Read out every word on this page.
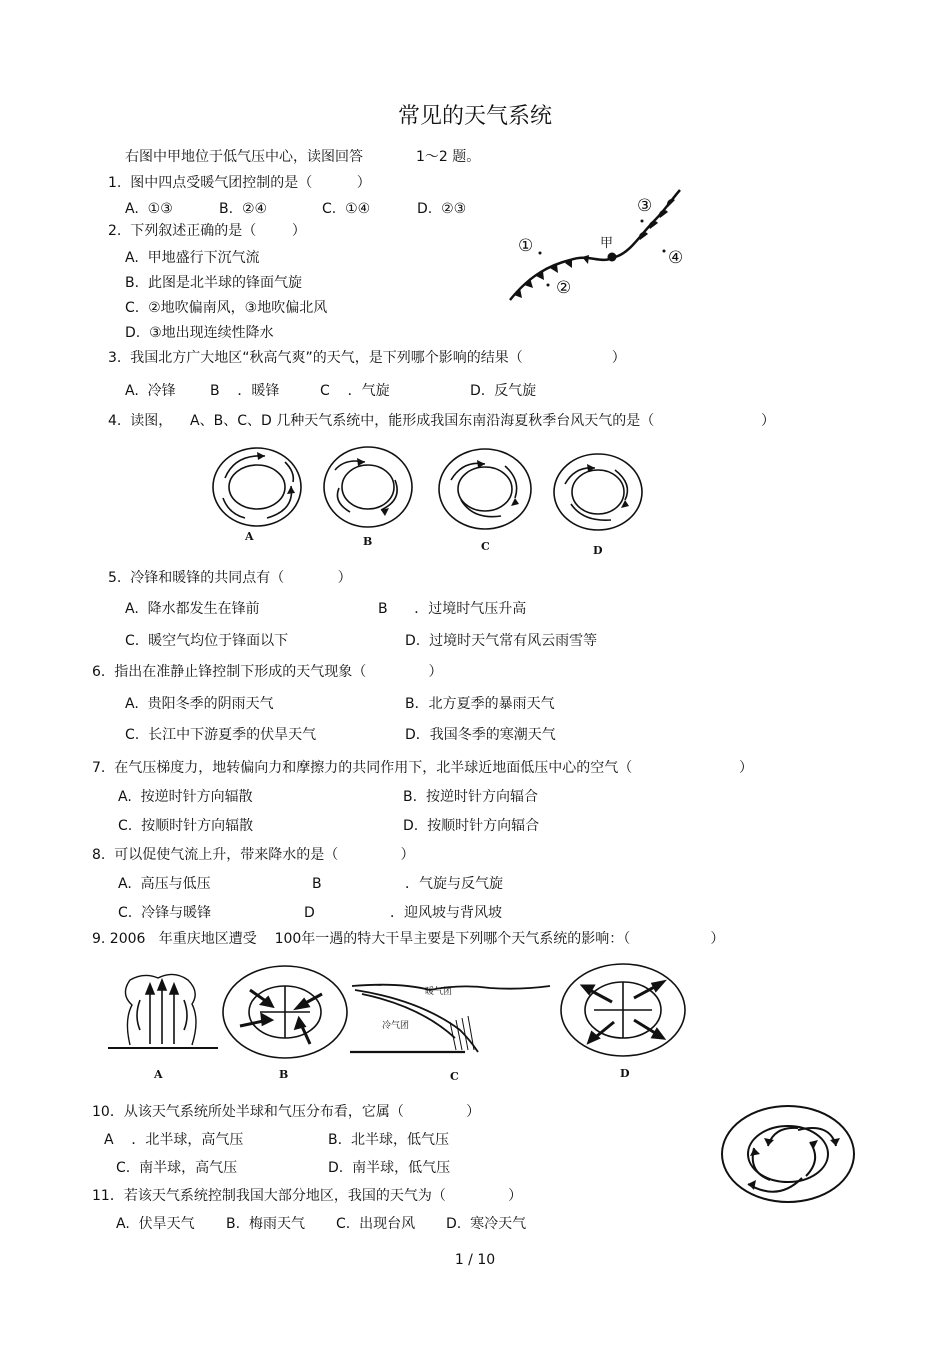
常见的天气系统
右图中甲地位于低气压中心，读图回答	1～2 题。
1.  图中四点受暖气团控制的是（          ）
A.  ①③	B.  ②④	C.  ①④	D.  ②③
2.  下列叙述正确的是（        ）
A.  甲地盛行下沉气流
B.  此图是北半球的锋面气旋
C.  ②地吹偏南风，③地吹偏北风
D.  ③地出现连续性降水
①
②
③
④
甲
3.  我国北方广大地区“秋高气爽”的天气，是下列哪个影响的结果（                    ）
A.  冷锋 B    ．暖锋	C    ．气旋	D.  反气旋
4.  读图，    A、B、C、D 几种天气系统中，能形成我国东南沿海夏秋季台风天气的是（                        ）
A	B	C	D
5.  冷锋和暖锋的共同点有（            ）
A.  降水都发生在锋前	B      ．过境时气压升高
C.  暖空气均位于锋面以下	D.  过境时天气常有风云雨雪等
6.  指出在准静止锋控制下形成的天气现象（              ）
A.  贵阳冬季的阴雨天气	B．北方夏季的暴雨天气
C.  长江中下游夏季的伏旱天气	D．我国冬季的寒潮天气
7.  在气压梯度力，地转偏向力和摩擦力的共同作用下，北半球近地面低压中心的空气（                        ）
A.  按逆时针方向辐散	B.  按逆时针方向辐合
C.  按顺时针方向辐散	D.  按顺时针方向辐合
8.  可以促使气流上升，带来降水的是（              ）
A.  高压与低压	B	．气旋与反气旋
C.  冷锋与暖锋	D	．迎风坡与背风坡
9. 2006   年重庆地区遭受    100年一遇的特大干旱主要是下列哪个天气系统的影响：（                  ）
暖气团
冷气团
A	B	C	D
10．从该天气系统所处半球和气压分布看，它属（              ）
A    ．北半球，高气压	B.  北半球，低气压
C.  南半球，高气压	D.  南半球，低气压
11．若该天气系统控制我国大部分地区，我国的天气为（              ）
A.  伏旱天气 B.  梅雨天气 C.  出现台风 D.  寒冷天气
1 / 10
